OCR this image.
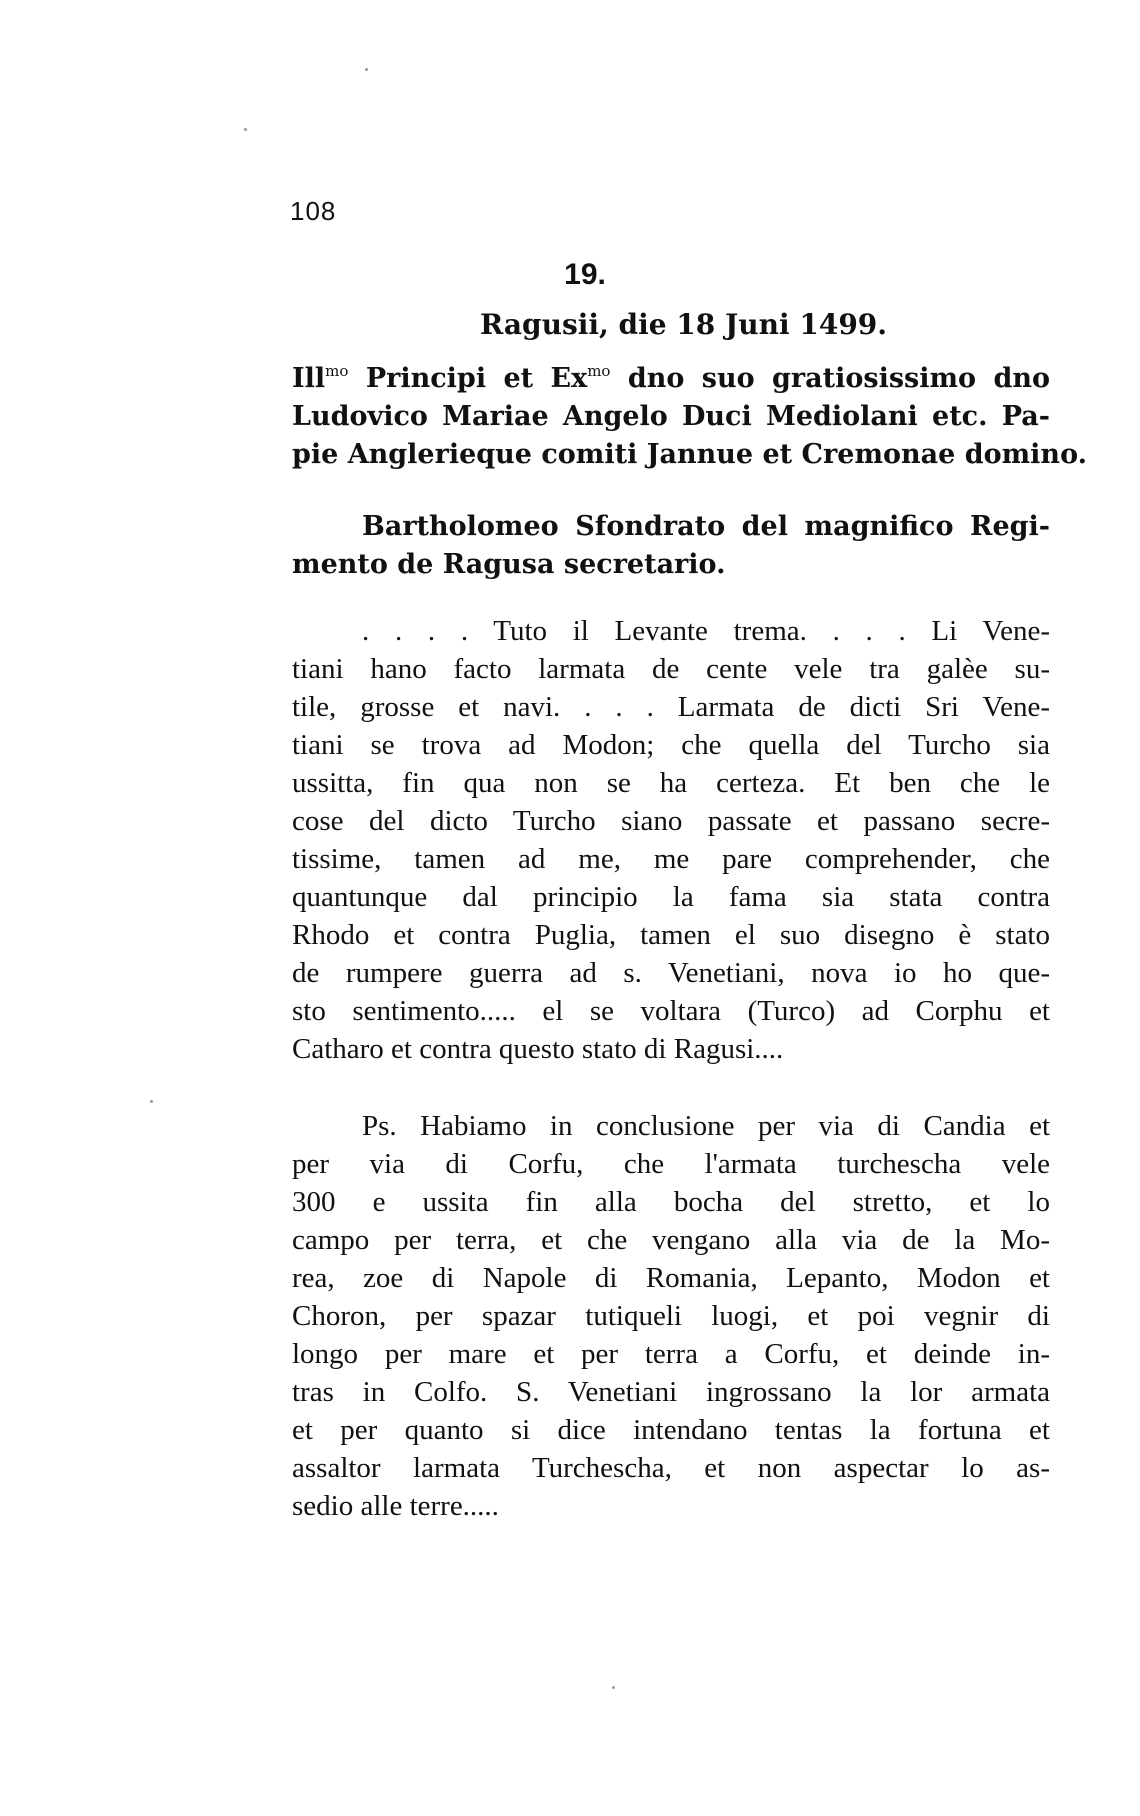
108
19.
Ragusii, die 18 Juni 1499.
Ill$^{mo}$ Principi et $Ex^{mo}$ dno suo gratiosissimo dno
Ludovico Mariae Angelo Duci Mediolani etc. Pa-
pie Anglerieque comiti Jannue et Cremonae domino.
Bartholomeo Sfondrato del magnifico Regi-
mento de Ragusa secretario.
. . . . Tuto il Levante trema. . . . Li Vene-
tiani hano facto larmata de cente vele tra galèe su-
tile, grosse et navi. . . . Larmata de dicti Sri Vene-
tiani se trova ad Modon; che quella del Turcho sia
ussitta, fin qua non se ha certeza. Et ben che le
cose del dicto Turcho siano passate et passano secre-
tissime, tamen ad me, me pare comprehender, che
quantunque dal principio la fama sia stata contra
Rhodo et contra Puglia, tamen el suo disegno è stato
de rumpere guerra ad s. Venetiani, nova io ho que-
sto sentimento..... el se voltara (Turco) ad Corphu et
Catharo et contra questo stato di Ragusi....
Ps. Habiamo in conclusione per via di Candia et
per via di Corfu, che l'armata turchescha vele
300 e ussita fin alla bocha del stretto, et lo
campo per terra, et che vengano alla via de la Mo-
rea, zoe di Napole di Romania, Lepanto, Modon et
Choron, per spazar tutiqueli luogi, et poi vegnir di
longo per mare et per terra a Corfu, et deinde in-
tras in Colfo. S. Venetiani ingrossano la lor armata
et per quanto si dice intendano tentas la fortuna et
assaltor larmata Turchescha, et non aspectar lo as-
sedio alle terre.....
